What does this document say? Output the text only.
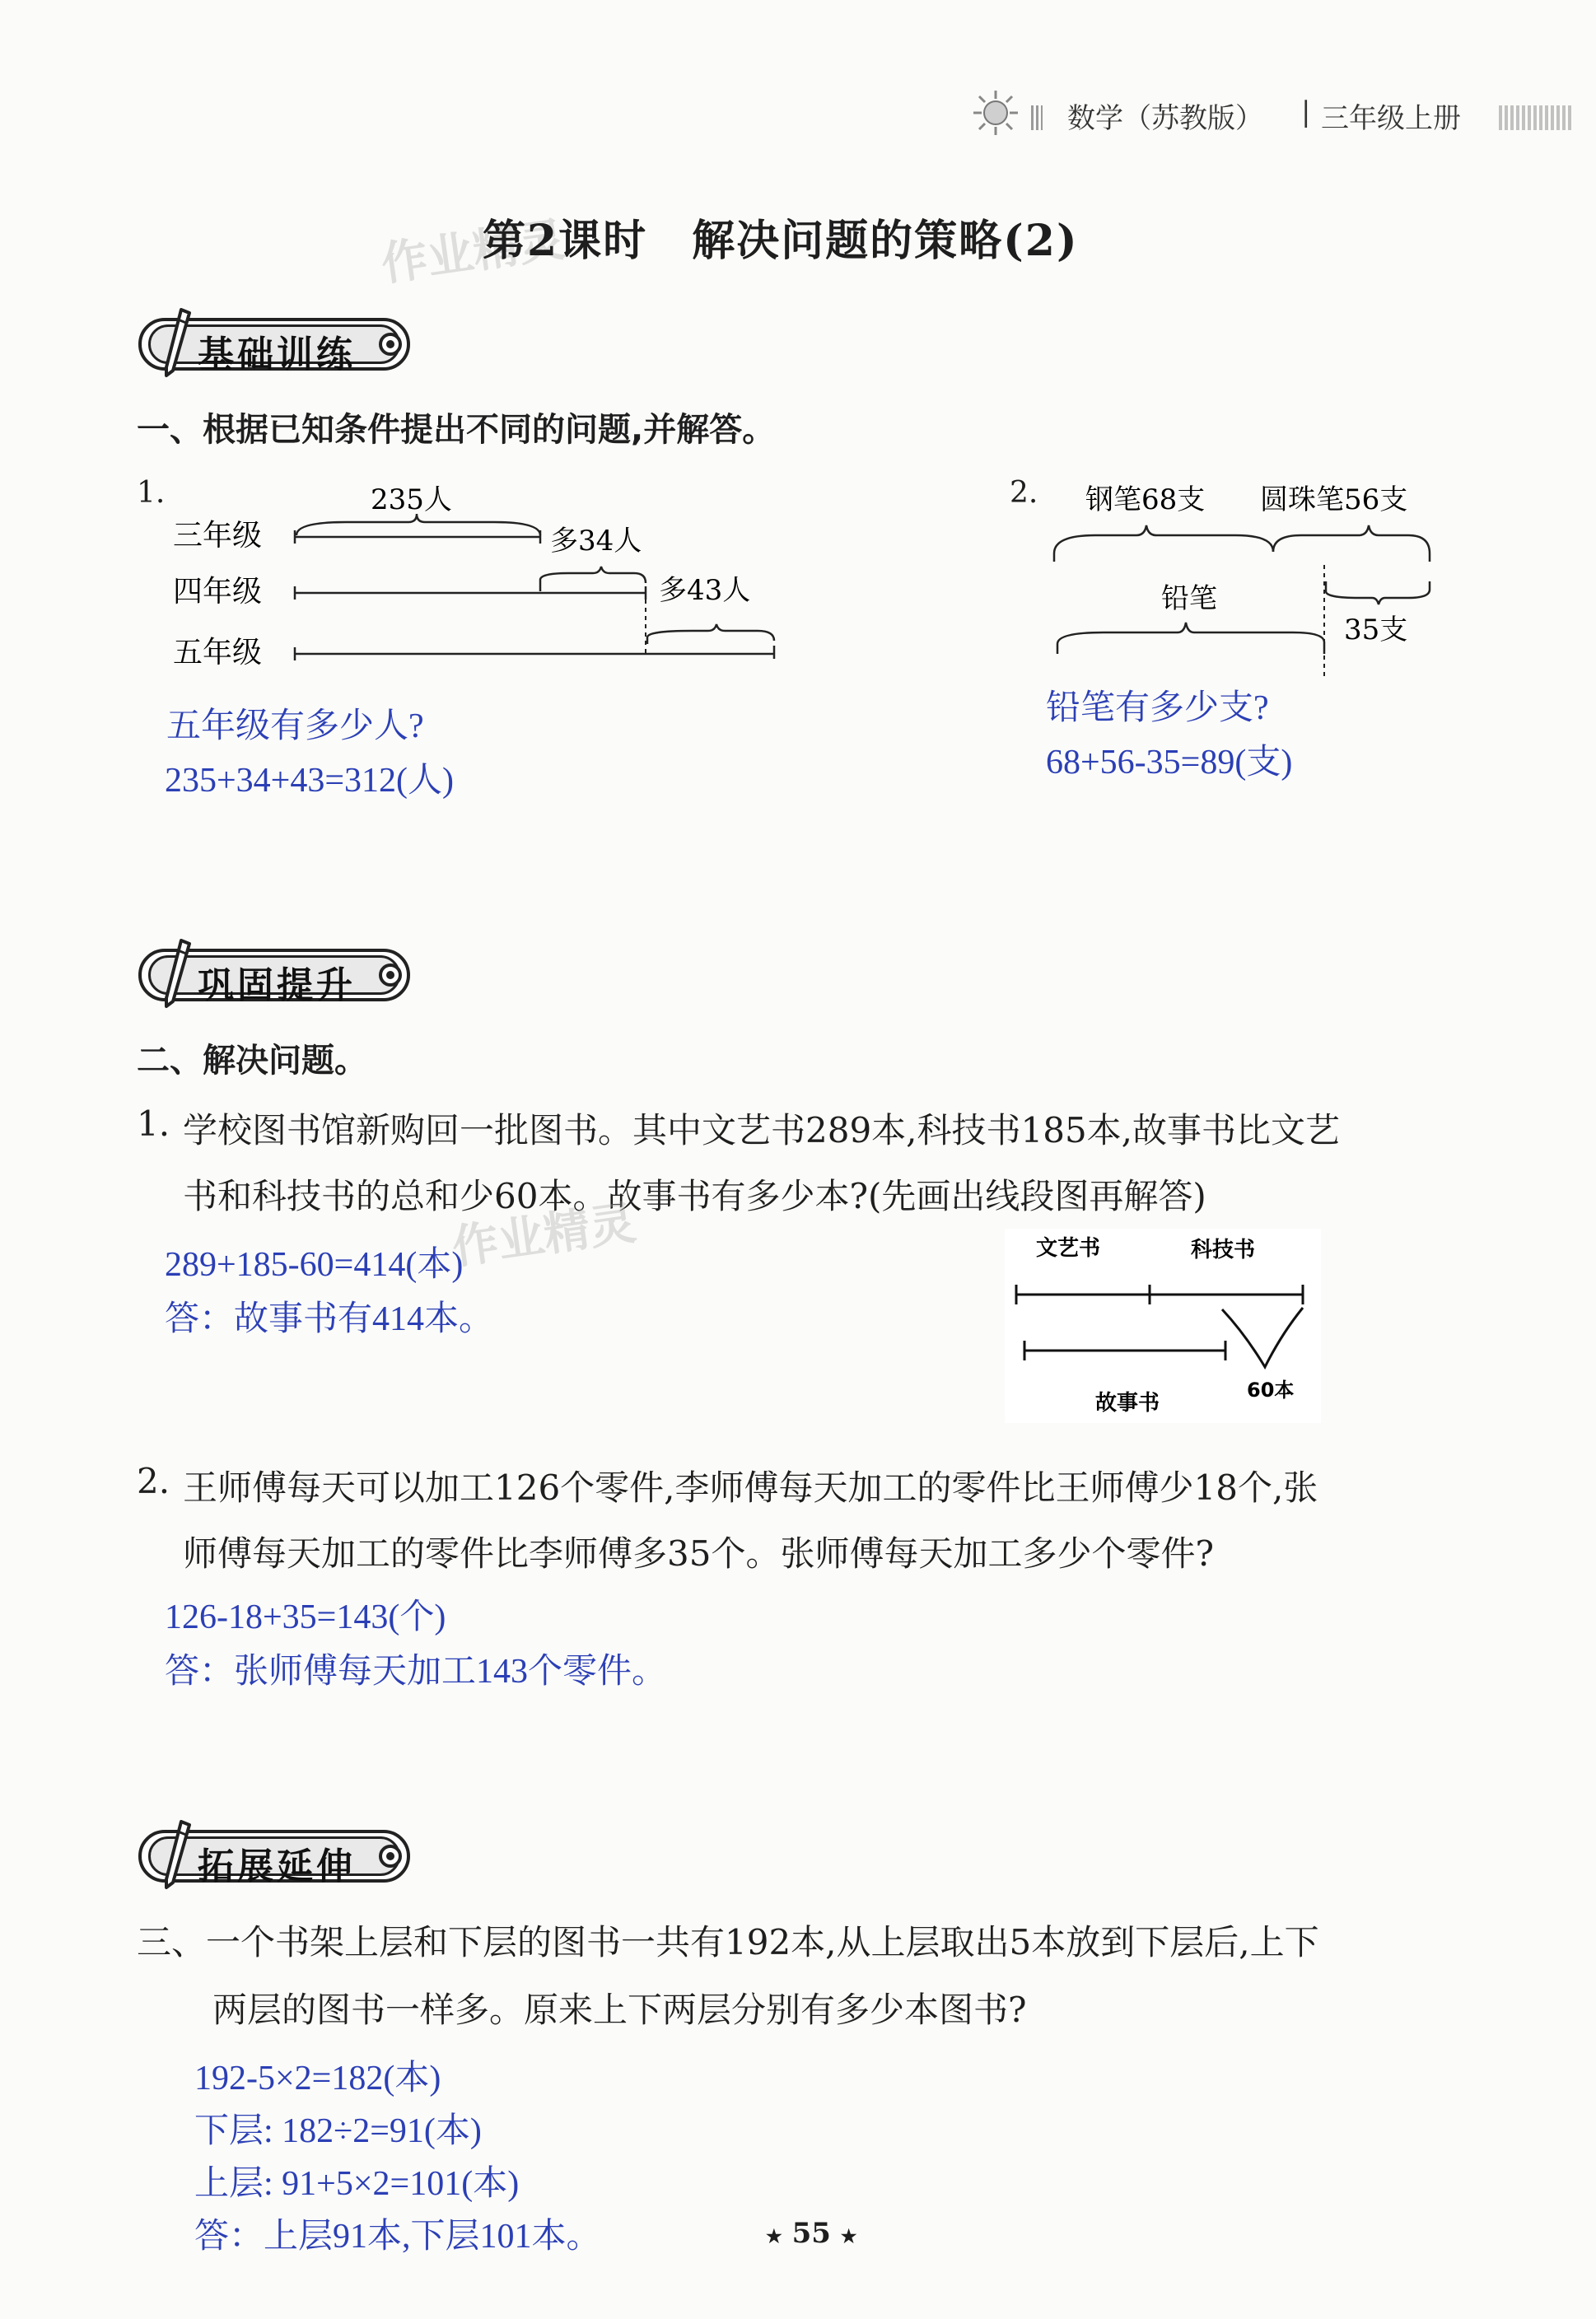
数学（苏教版） | 三年级上册
作业精灵
第2课时　解决问题的策略(2)
基础训练
一、根据已知条件提出不同的问题,并解答。
1.	235人
三年级	多34人
四年级	多43人
五年级
五年级有多少人?
235+34+43=312(人)
2. 钢笔68支 圆珠笔56支
铅笔
35支
铅笔有多少支?
68+56-35=89(支)
巩固提升
二、解决问题。
1. 学校图书馆新购回一批图书。其中文艺书289本,科技书185本,故事书比文艺
书和科技书的总和少60本。故事书有多少本?(先画出线段图再解答)
作业精灵
289+185-60=414(本)
答：故事书有414本。
文艺书	科技书
故事书
60本
2. 王师傅每天可以加工126个零件,李师傅每天加工的零件比王师傅少18个,张
师傅每天加工的零件比李师傅多35个。张师傅每天加工多少个零件?
126-18+35=143(个)
答：张师傅每天加工143个零件。
拓展延伸
三、一个书架上层和下层的图书一共有192本,从上层取出5本放到下层后,上下
两层的图书一样多。原来上下两层分别有多少本图书?
192-5×2=182(本)
下层: 182÷2=91(本)
上层: 91+5×2=101(本)
答：上层91本,下层101本。	★ 55 ★
